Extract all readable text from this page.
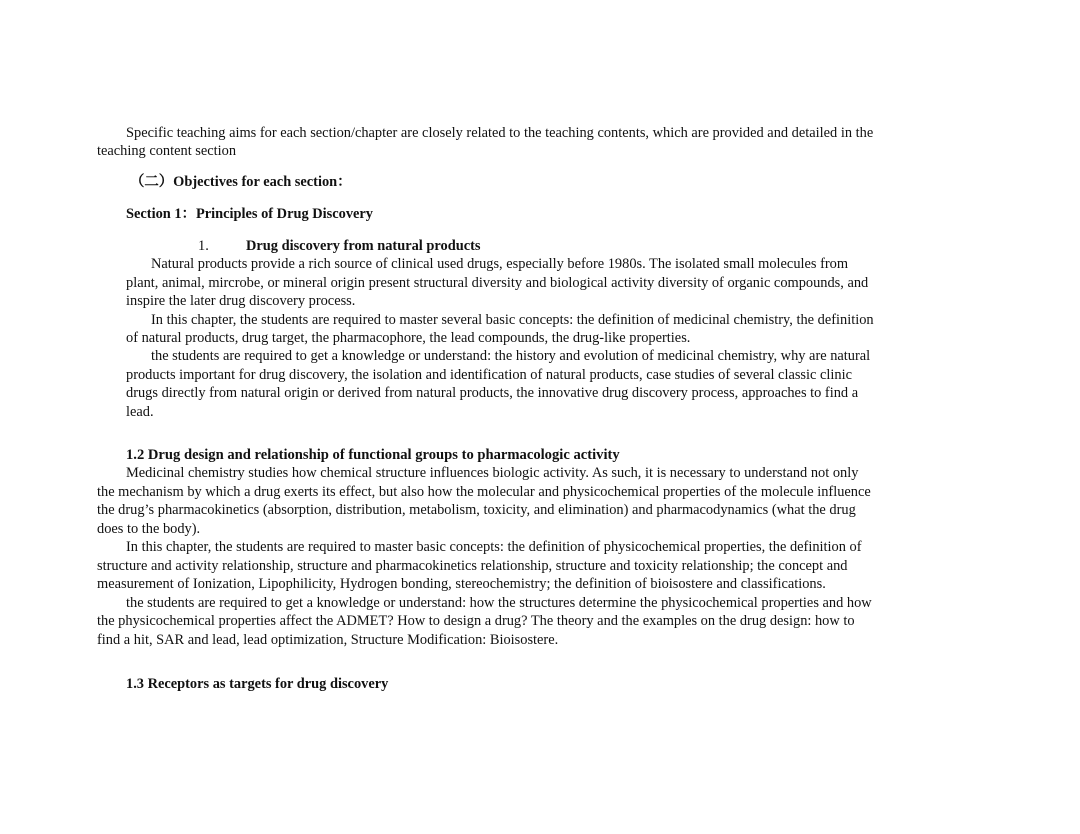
Specific teaching aims for each section/chapter are closely related to the teaching contents, which are provided and detailed in the
teaching content section
（二）Objectives for each section：
Section 1：Principles of Drug Discovery
1.	Drug discovery from natural products
Natural products provide a rich source of clinical used drugs, especially before 1980s. The isolated small molecules from
plant, animal, mircrobe, or mineral origin present structural diversity and biological activity diversity of organic compounds, and
inspire the later drug discovery process.
In this chapter, the students are required to master several basic concepts: the definition of medicinal chemistry, the definition
of natural products, drug target, the pharmacophore, the lead compounds, the drug-like properties.
the students are required to get a knowledge or understand: the history and evolution of medicinal chemistry, why are natural
products important for drug discovery, the isolation and identification of natural products, case studies of several classic clinic
drugs directly from natural origin or derived from natural products, the innovative drug discovery process, approaches to find a
lead.
1.2 Drug design and relationship of functional groups to pharmacologic activity
Medicinal chemistry studies how chemical structure influences biologic activity. As such, it is necessary to understand not only
the mechanism by which a drug exerts its effect, but also how the molecular and physicochemical properties of the molecule influence
the drug’s pharmacokinetics (absorption, distribution, metabolism, toxicity, and elimination) and pharmacodynamics (what the drug
does to the body).
In this chapter, the students are required to master basic concepts: the definition of physicochemical properties, the definition of
structure and activity relationship, structure and pharmacokinetics relationship, structure and toxicity relationship; the concept and
measurement of Ionization, Lipophilicity, Hydrogen bonding, stereochemistry; the definition of bioisostere and classifications.
the students are required to get a knowledge or understand: how the structures determine the physicochemical properties and how
the physicochemical properties affect the ADMET? How to design a drug? The theory and the examples on the drug design: how to
find a hit, SAR and lead, lead optimization, Structure Modification: Bioisostere.
1.3 Receptors as targets for drug discovery
